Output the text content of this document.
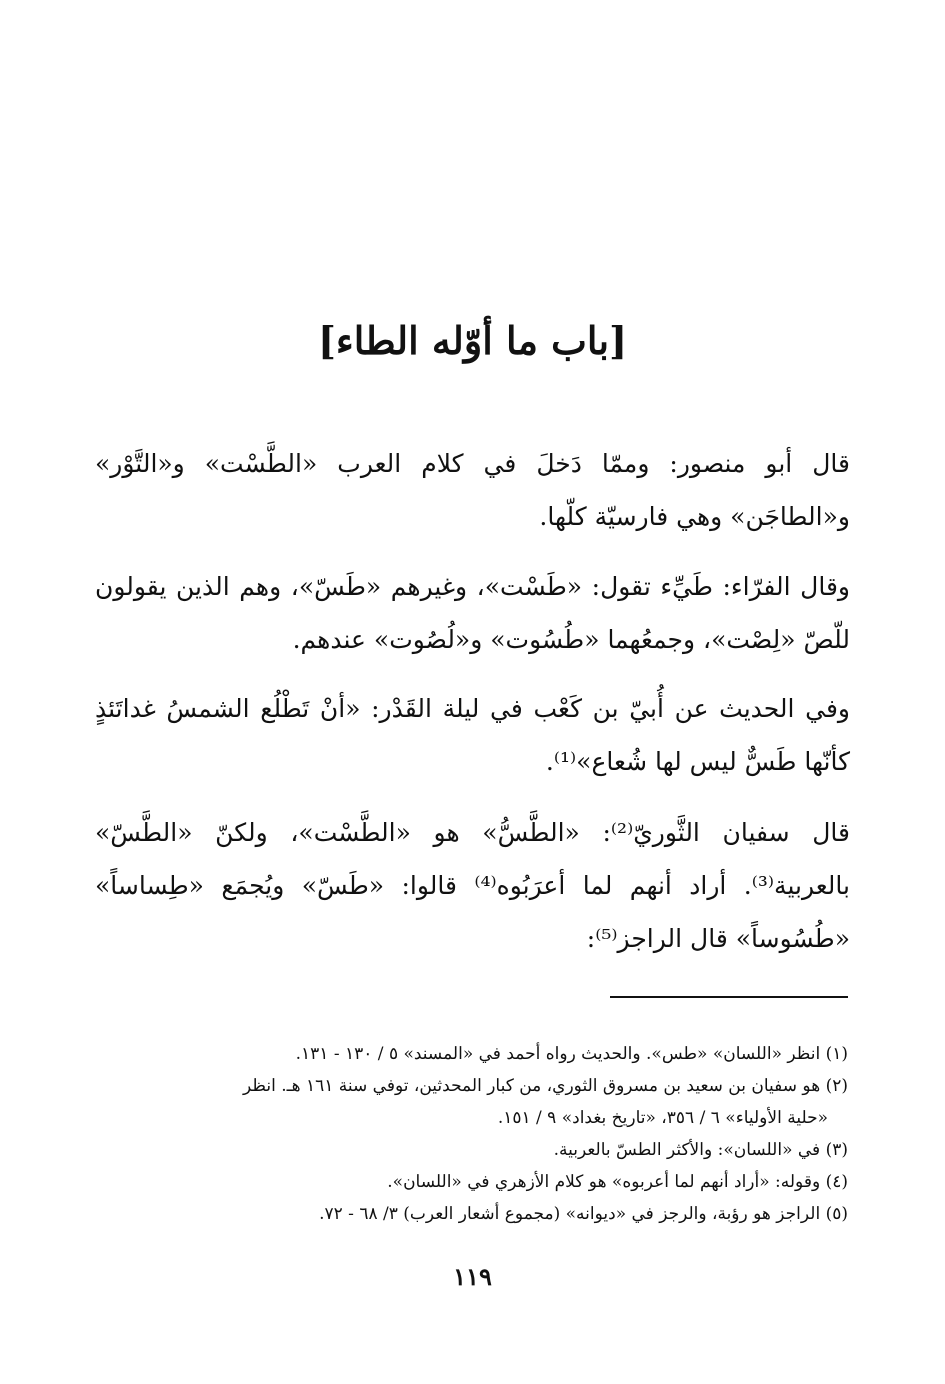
[باب ما أوّله الطاء]
قال أبو منصور: وممّا دَخلَ في كلام العرب «الطَّسْت» و«التَّوْر» و«الطاجَن» وهي فارسيّة كلّها.
وقال الفرّاء: طَيِّء تقول: «طَسْت»، وغيرهم «طَسّ»، وهم الذين يقولون للّصّ «لِصْت»، وجمعُهما «طُسُوت» و«لُصُوت» عندهم.
وفي الحديث عن أُبيّ بن كَعْب في ليلة القَدْر: «أنْ تَطْلُع الشمسُ غداتَئذٍ كأنّها طَسٌّ ليس لها شُعاع»⁽¹⁾.
قال سفيان الثَّوريّ⁽²⁾: «الطَّسُّ» هو «الطَّسْت»، ولكنّ «الطَّسّ» بالعربية⁽³⁾. أراد أنهم لما أعرَبُوه⁽⁴⁾ قالوا: «طَسّ» ويُجمَع «طِساساً» «طُسُوساً» قال الراجز⁽⁵⁾:

(١) انظر «اللسان» «طس». والحديث رواه أحمد في «المسند» ٥ / ١٣٠ - ١٣١.

(٢) هو سفيان بن سعيد بن مسروق الثوري، من كبار المحدثين، توفي سنة ١٦١ هـ. انظر

«حلية الأولياء» ٦ / ٣٥٦، «تاريخ بغداد» ٩ / ١٥١.

(٣) في «اللسان»: والأكثر الطسّ بالعربية.

(٤) وقوله: «أراد أنهم لما أعربوه» هو كلام الأزهري في «اللسان».

(٥) الراجز هو رؤبة، والرجز في «ديوانه» (مجموع أشعار العرب) ٣/ ٦٨ - ٧٢.

١١٩
